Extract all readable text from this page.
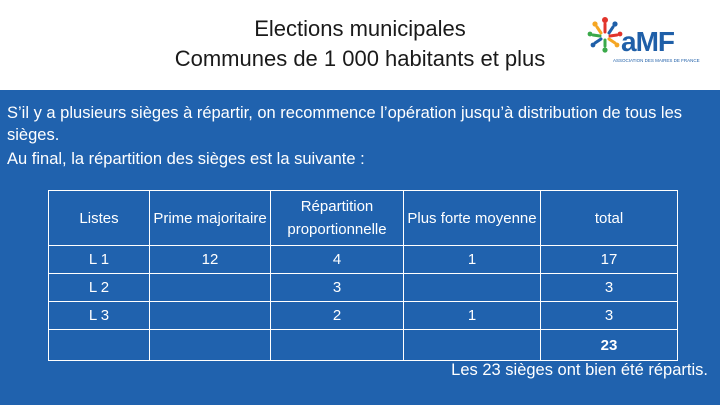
Elections municipales
Communes de 1 000 habitants et plus
aMF
ASSOCIATION DES MAIRES DE FRANCE

S’il y a plusieurs sièges à répartir, on recommence l’opération jusqu’à distribution de tous les sièges.

Au final, la répartition des sièges est la suivante :

Listes	Prime majoritaire	Répartition proportionnelle	Plus forte moyenne	total
L 1	12	4	1	17
L 2		3		3
L 3		2	1	3
				23
Les 23 sièges ont bien été répartis.
